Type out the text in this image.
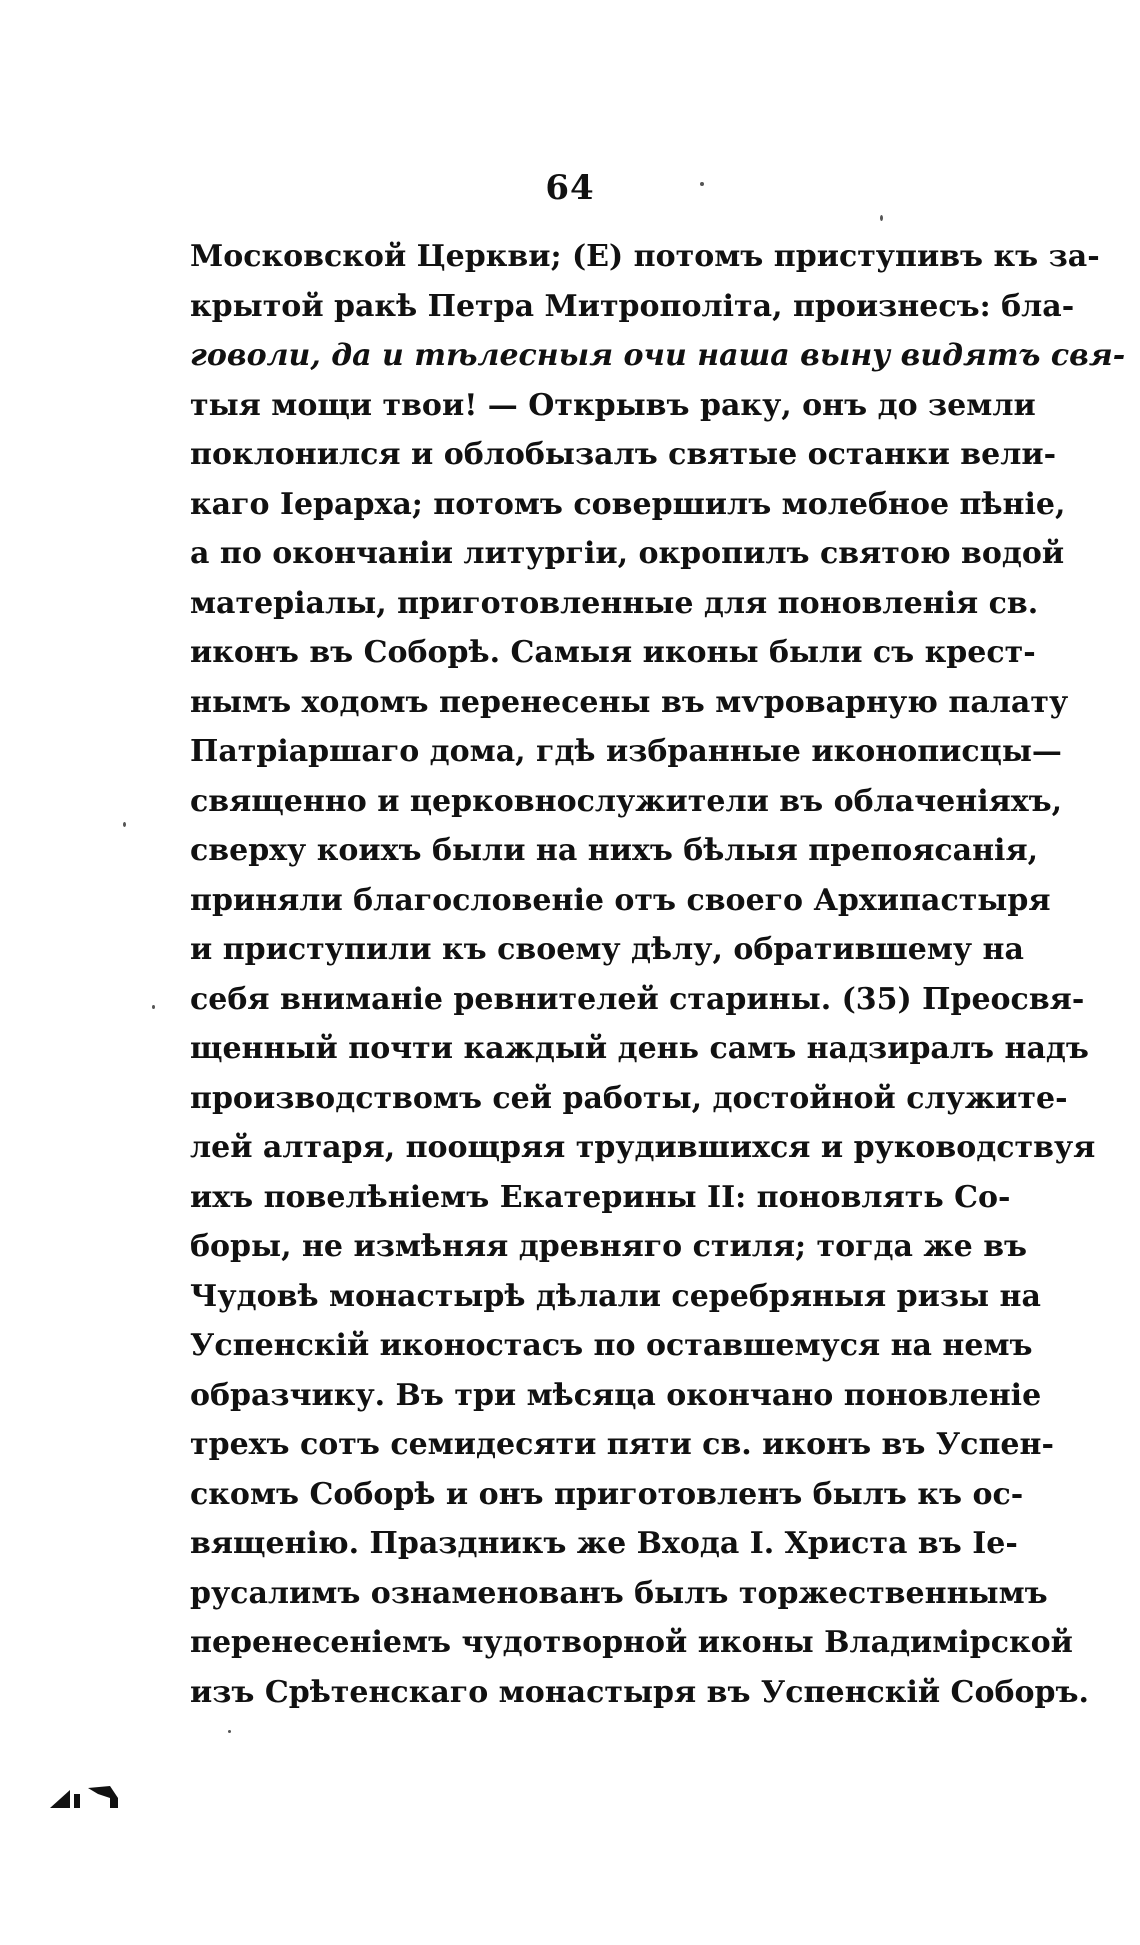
64
Московской Церкви; (Е) потомъ приступивъ къ за-
крытой ракѣ Петра Митрополіта, произнесъ: бла-
говоли, да и тѣлесныя очи наша выну видятъ свя-
тыя мощи твои! — Открывъ раку, онъ до земли
поклонился и облобызалъ святые останки вели-
каго Іерарха; потомъ совершилъ молебное пѣніе,
а по окончаніи литургіи, окропилъ святою водой
матеріалы, приготовленные для поновленія св.
иконъ въ Соборѣ. Самыя иконы были съ крест-
нымъ ходомъ перенесены въ мѵроварную палату
Патріаршаго дома, гдѣ избранные иконописцы—
священно и церковнослужители въ облаченіяхъ,
сверху коихъ были на нихъ бѣлыя препоясанія,
приняли благословеніе отъ своего Архипастыря
и приступили къ своему дѣлу, обратившему на
себя вниманіе ревнителей старины. (35) Преосвя-
щенный почти каждый день самъ надзиралъ надъ
производствомъ сей работы, достойной служите-
лей алтаря, поощряя трудившихся и руководствуя
ихъ повелѣніемъ Екатерины II: поновлять Со-
боры, не измѣняя древняго стиля; тогда же въ
Чудовѣ монастырѣ дѣлали серебряныя ризы на
Успенскій иконостасъ по оставшемуся на немъ
образчику. Въ три мѣсяца окончано поновленіе
трехъ сотъ семидесяти пяти св. иконъ въ Успен-
скомъ Соборѣ и онъ приготовленъ былъ къ ос-
вященію. Праздникъ же Входа І. Христа въ Іе-
русалимъ ознаменованъ былъ торжественнымъ
перенесеніемъ чудотворной иконы Владимірской
изъ Срѣтенскаго монастыря въ Успенскій Соборъ.
